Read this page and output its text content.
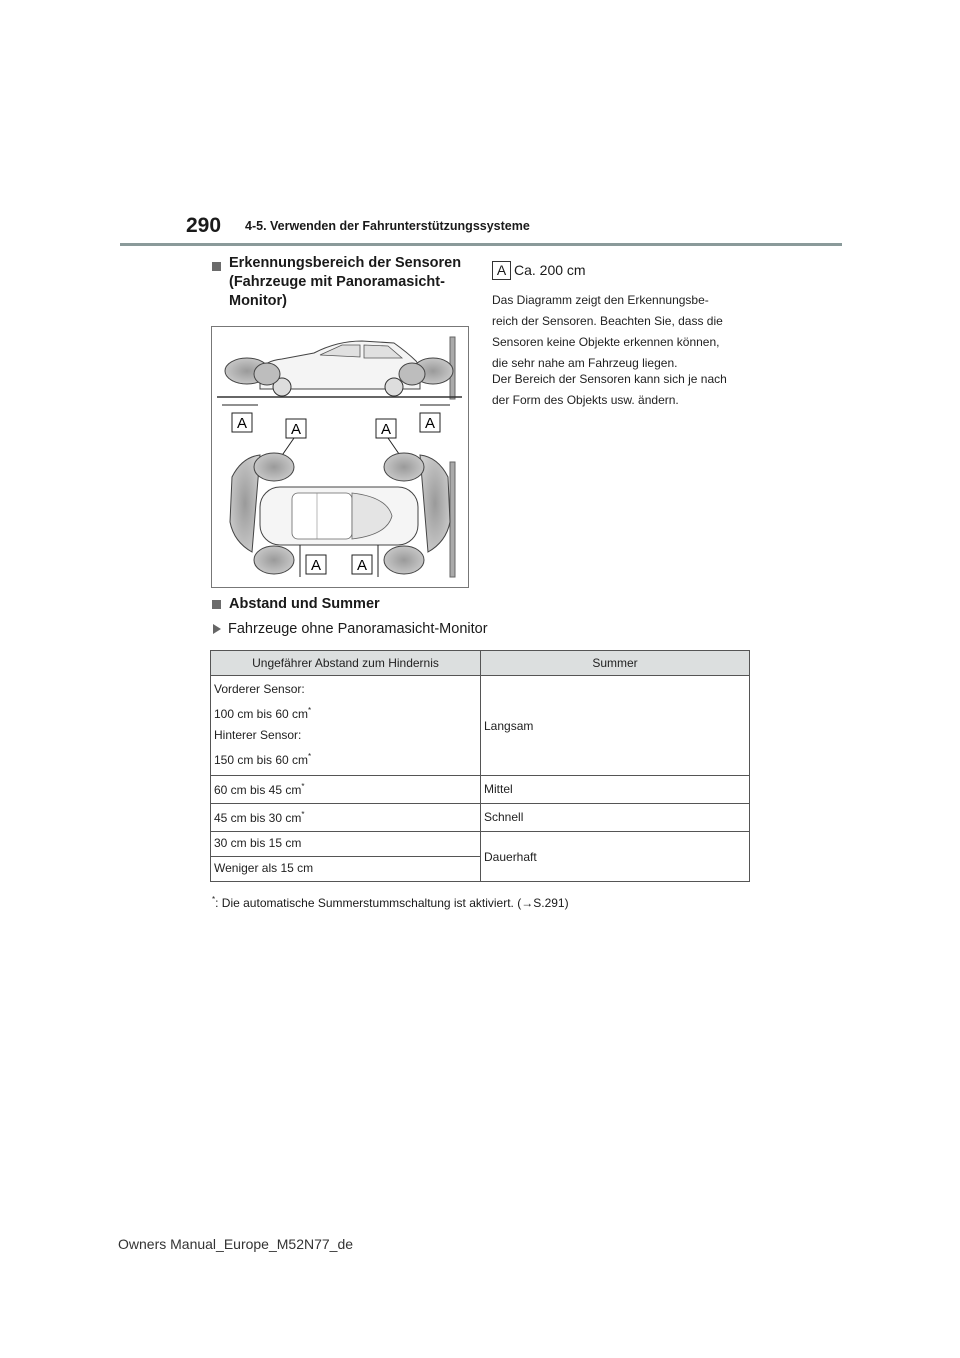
290 4-5. Verwenden der Fahrunterstützungssysteme
Erkennungsbereich der Sensoren
(Fahrzeuge mit Panoramasicht-
Monitor)
A	A	A A
A A
A Ca. 200 cm
Das Diagramm zeigt den Erkennungsbe-
reich der Sensoren. Beachten Sie, dass die
Sensoren keine Objekte erkennen können,
die sehr nahe am Fahrzeug liegen.
Der Bereich der Sensoren kann sich je nach
der Form des Objekts usw. ändern.
Abstand und Summer
Fahrzeuge ohne Panoramasicht-Monitor
Ungefährer Abstand zum Hindernis	Summer

Vorderer Sensor:

100 cm bis 60 cm*

Hinterer Sensor:

150 cm bis 60 cm*	Langsam
60 cm bis 45 cm*	Mittel
45 cm bis 30 cm*	Schnell
30 cm bis 15 cm	Dauerhaft
Weniger als 15 cm	
*: Die automatische Summerstummschaltung ist aktiviert. (→S.291)
Owners Manual_Europe_M52N77_de
